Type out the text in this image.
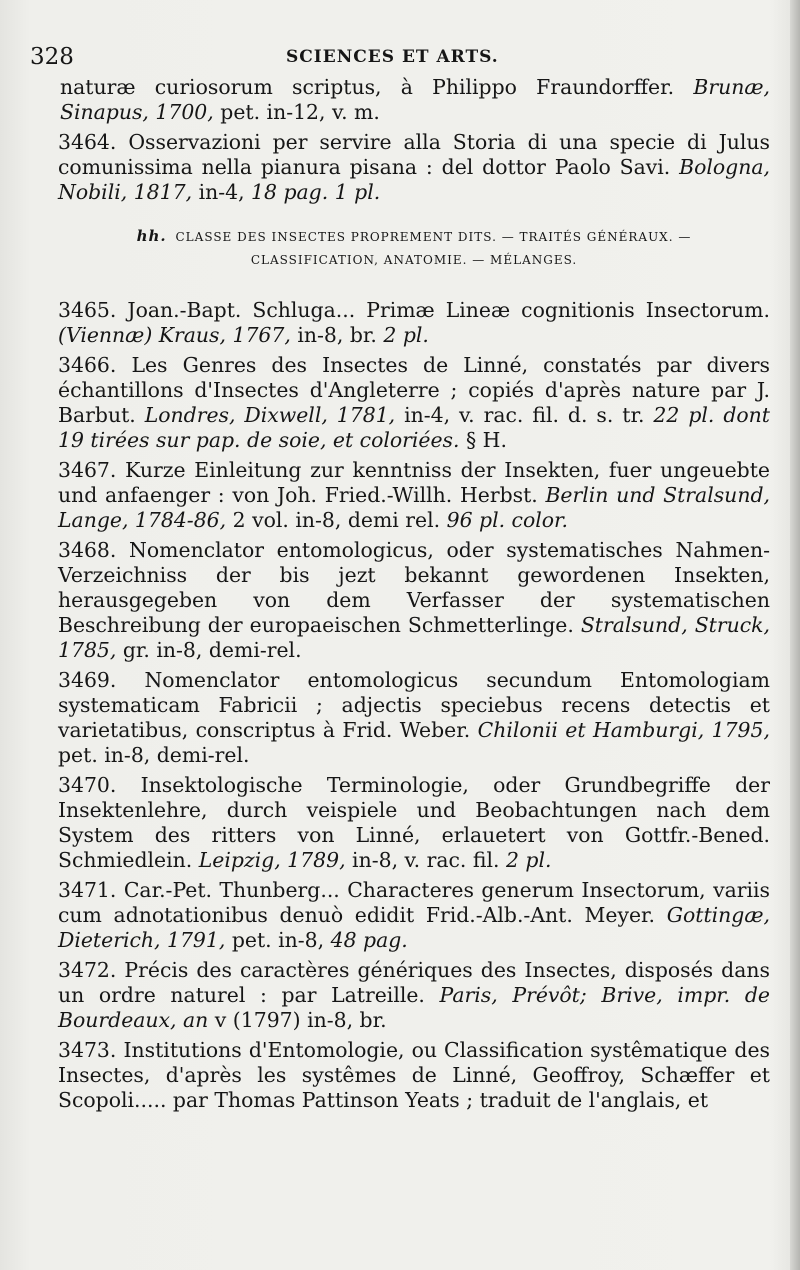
328	SCIENCES ET ARTS.

naturæ curiosorum scriptus, à Philippo Fraundorffer. Brunæ, Sinapus, 1700, pet. in-12, v. m.

3464. Osservazioni per servire alla Storia di una specie di Julus comunissima nella pianura pisana : del dottor Paolo Savi. Bologna, Nobili, 1817, in-4, 18 pag. 1 pl.

hh. CLASSE DES INSECTES PROPREMENT DITS. — TRAITÉS GÉNÉRAUX. —
CLASSIFICATION, ANATOMIE. — MÉLANGES.

3465. Joan.-Bapt. Schluga... Primæ Lineæ cognitionis Insectorum. (Viennæ) Kraus, 1767, in-8, br. 2 pl.

3466. Les Genres des Insectes de Linné, constatés par divers échantillons d'Insectes d'Angleterre ; copiés d'après nature par J. Barbut. Londres, Dixwell, 1781, in-4, v. rac. fil. d. s. tr. 22 pl. dont 19 tirées sur pap. de soie, et coloriées. § H.

3467. Kurze Einleitung zur kenntniss der Insekten, fuer ungeuebte und anfaenger : von Joh. Fried.-Willh. Herbst. Berlin und Stralsund, Lange, 1784-86, 2 vol. in-8, demi rel. 96 pl. color.

3468. Nomenclator entomologicus, oder systematisches Nahmen-Verzeichniss der bis jezt bekannt gewordenen Insekten, herausgegeben von dem Verfasser der systematischen Beschreibung der europaeischen Schmetterlinge. Stralsund, Struck, 1785, gr. in-8, demi-rel.

3469. Nomenclator entomologicus secundum Entomologiam systematicam Fabricii ; adjectis speciebus recens detectis et varietatibus, conscriptus à Frid. Weber. Chilonii et Hamburgi, 1795, pet. in-8, demi-rel.

3470. Insektologische Terminologie, oder Grundbegriffe der Insektenlehre, durch veispiele und Beobachtungen nach dem System des ritters von Linné, erlauetert von Gottfr.-Bened. Schmiedlein. Leipzig, 1789, in-8, v. rac. fil. 2 pl.

3471. Car.-Pet. Thunberg... Characteres generum Insectorum, variis cum adnotationibus denuò edidit Frid.-Alb.-Ant. Meyer. Gottingæ, Dieterich, 1791, pet. in-8, 48 pag.

3472. Précis des caractères génériques des Insectes, disposés dans un ordre naturel : par Latreille. Paris, Prévôt; Brive, impr. de Bourdeaux, an v (1797) in-8, br.

3473. Institutions d'Entomologie, ou Classification systêmatique des Insectes, d'après les systêmes de Linné, Geoffroy, Schæffer et Scopoli..... par Thomas Pattinson Yeats ; traduit de l'anglais, et
